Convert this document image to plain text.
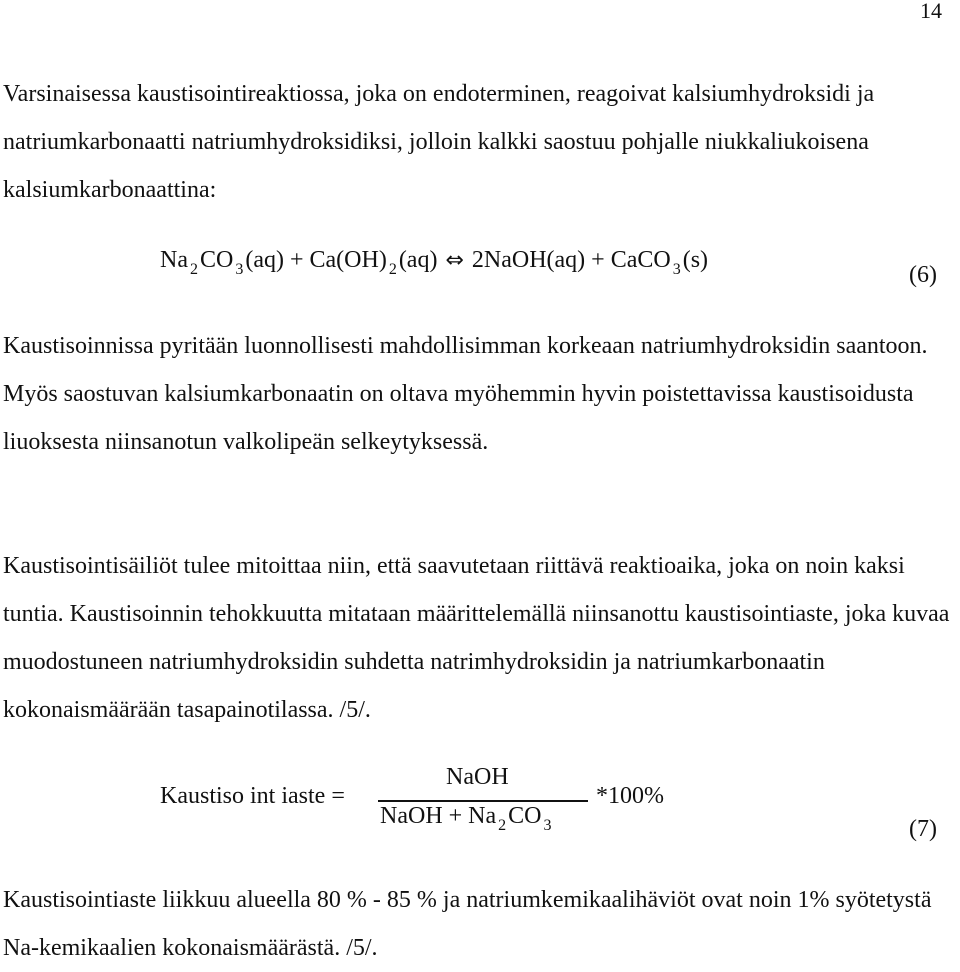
14

Varsinaisessa kaustisointireaktiossa, joka on endoterminen, reagoivat kalsiumhydroksidi ja natriumkarbonaatti natriumhydroksidiksi, jolloin kalkki saostuu pohjalle niukkaliukoisena kalsiumkarbonaattina:

Na $_2$CO $_3$(aq) + Ca(OH) $_2$(aq) ⇔ 2NaOH(aq) + CaCO $_3$(s)
(6)

Kaustisoinnissa pyritään luonnollisesti mahdollisimman korkeaan natriumhydroksidin saantoon. Myös saostuvan kalsiumkarbonaatin on oltava myöhemmin hyvin poistettavissa kaustisoidusta liuoksesta niinsanotun valkolipeän selkeytyksessä.

Kaustisointisäiliöt tulee mitoittaa niin, että saavutetaan riittävä reaktioaika, joka on noin kaksi tuntia. Kaustisoinnin tehokkuutta mitataan määrittelemällä niinsanottu kaustisointiaste, joka kuvaa muodostuneen natriumhydroksidin suhdetta natrimhydroksidin ja natriumkarbonaatin kokonaismäärään tasapainotilassa. /5/.

Kaustiso int iaste =
NaOH
NaOH + Na $_2$CO $_3$
*100%
(7)

Kaustisointiaste liikkuu alueella 80 % - 85 % ja natriumkemikaalihäviöt ovat noin 1% syötetystä Na-kemikaalien kokonaismäärästä. /5/.
